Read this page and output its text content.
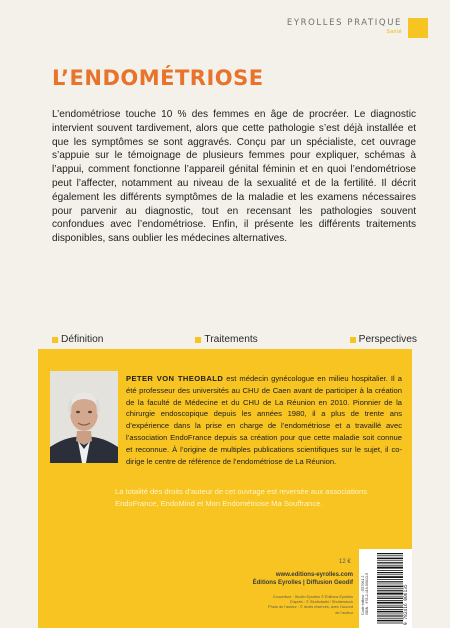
EYROLLES PRATIQUE
Santé
L’ENDOMÉTRIOSE

L’endométriose touche 10 % des femmes en âge de procréer. Le diagnostic intervient souvent tardivement, alors que cette pathologie s’est déjà installée et que les symptômes se sont aggravés. Conçu par un spécialiste, cet ouvrage s’appuie sur le témoignage de plusieurs femmes pour expliquer, schémas à l’appui, comment fonctionne l’appareil génital féminin et en quoi l’endométriose peut l’affecter, notamment au niveau de la sexualité et de la fertilité. Il décrit également les différents symptômes de la maladie et les examens nécessaires pour parvenir au diagnostic, tout en recensant les pathologies souvent confondues avec l’endométriose. Enfin, il présente les différents traitements disponibles, sans oublier les médecines alternatives.

Définition	Traitements	Perspectives

PETER VON THEOBALD est médecin gynécologue en milieu hospitalier. Il a été professeur des universités au CHU de Caen avant de participer à la création de la faculté de Médecine et du CHU de La Réunion en 2010. Pionnier de la chirurgie endoscopique depuis les années 1980, il a plus de trente ans d’expérience dans la prise en charge de l’endométriose et a travaillé avec l’association EndoFrance depuis sa création pour que cette maladie soit connue et reconnue. À l’origine de multiples publications scientifiques sur le sujet, il co-dirige le centre de référence de l’endométriose de La Réunion.

La totalité des droits d’auteur de cet ouvrage est reversée aux associations EndoFrance, EndoMind et Mon Endométriose Ma Souffrance.

12 €
www.editions-eyrolles.com
Éditions Eyrolles | Diffusion Geodif
Couverture : Studio Eyrolles © Éditions Eyrolles
D’après : © Studiobalbi / Shutterstock
Photo de l’auteur : © droits réservés, avec l’accord de l’auteur Code éditeur : G57061 2 ISBN : 978-2-416-00613-5	9 782416 006135
